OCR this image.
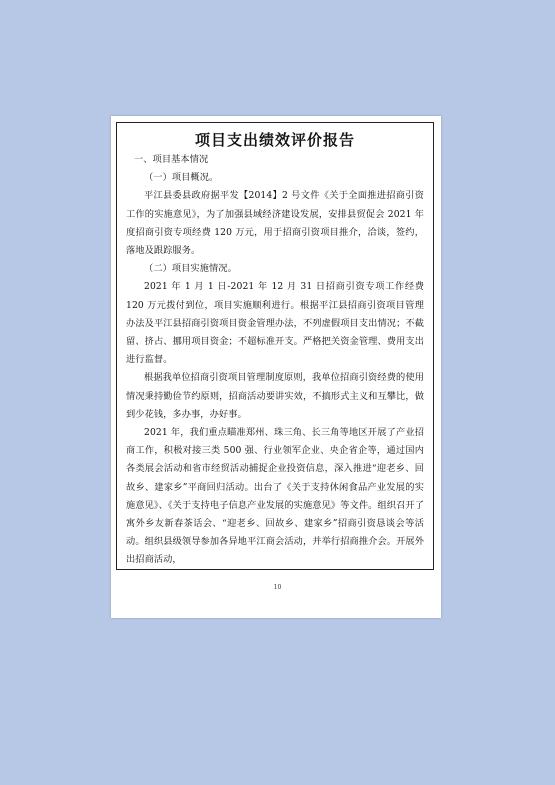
项目支出绩效评价报告

一、项目基本情况

（一）项目概况。

平江县委县政府据平发【2014】2 号文件《关于全面推进招商引资工作的实施意见》，为了加强县域经济建设发展，安排县贸促会 2021 年度招商引资专项经费 120 万元，用于招商引资项目推介，洽谈，签约，落地及跟踪服务。

（二）项目实施情况。

2021 年 1 月 1 日-2021 年 12 月 31 日招商引资专项工作经费 120 万元拨付到位，项目实施顺利进行。根据平江县招商引资项目管理办法及平江县招商引资项目资金管理办法，不列虚假项目支出情况；不截留、挤占、挪用项目资金；不超标准开支。严格把关资金管理、费用支出进行监督。

根据我单位招商引资项目管理制度原则，我单位招商引资经费的使用情况秉持勤俭节约原则，招商活动要讲实效，不搞形式主义和互攀比，做到少花钱，多办事，办好事。

2021 年，我们重点瞄准郑州、珠三角、长三角等地区开展了产业招商工作，积极对接三类 500 强、行业领军企业、央企省企等，通过国内各类展会活动和省市经贸活动捕捉企业投资信息，深入推进“迎老乡、回故乡、建家乡”平商回归活动。出台了《关于支持休闲食品产业发展的实施意见》、《关于支持电子信息产业发展的实施意见》等文件。组织召开了寓外乡友新春茶话会、“迎老乡、回故乡、建家乡”招商引资恳谈会等活动。组织县级领导参加各异地平江商会活动，并举行招商推介会。开展外出招商活动，

10
